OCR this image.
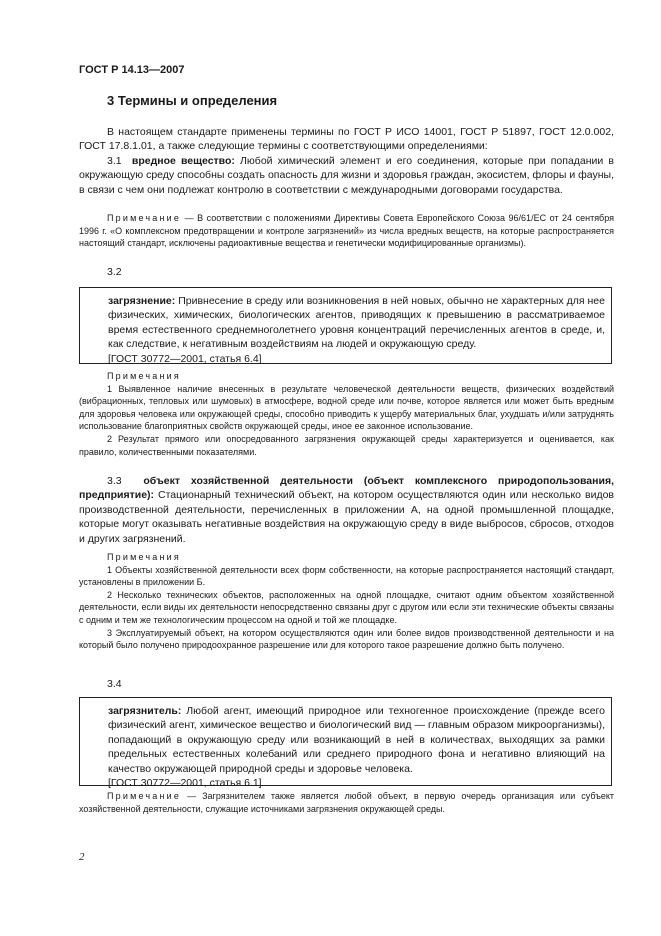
ГОСТ Р 14.13—2007
3 Термины и определения

В настоящем стандарте применены термины по ГОСТ Р ИСО 14001, ГОСТ Р 51897, ГОСТ 12.0.002, ГОСТ 17.8.1.01, а также следующие термины с соответствующими определениями:

3.1 вредное вещество: Любой химический элемент и его соединения, которые при попадании в окружающую среду способны создать опасность для жизни и здоровья граждан, экосистем, флоры и фауны, в связи с чем они подлежат контролю в соответствии с международными договорами государства.

Примечание — В соответствии с положениями Директивы Совета Европейского Союза 96/61/ЕС от 24 сентября 1996 г. «О комплексном предотвращении и контроле загрязнений» из числа вредных веществ, на которые распространяется настоящий стандарт, исключены радиоактивные вещества и генетически модифицированные организмы).

3.2

загрязнение: Привнесение в среду или возникновения в ней новых, обычно не характерных для нее физических, химических, биологических агентов, приводящих к превышению в рассматриваемое время естественного среднемноголетнего уровня концентраций перечисленных агентов в среде, и, как следствие, к негативным воздействиям на людей и окружающую среду.

[ГОСТ 30772—2001, статья 6.4]

Примечания

1 Выявленное наличие внесенных в результате человеческой деятельности веществ, физических воздействий (вибрационных, тепловых или шумовых) в атмосфере, водной среде или почве, которое является или может быть вредным для здоровья человека или окружающей среды, способно приводить к ущербу материальных благ, ухудшать и/или затруднять использование благоприятных свойств окружающей среды, иное ее законное использование.

2 Результат прямого или опосредованного загрязнения окружающей среды характеризуется и оценивается, как правило, количественными показателями.

3.3 объект хозяйственной деятельности (объект комплексного природопользования, предприятие): Стационарный технический объект, на котором осуществляются один или несколько видов производственной деятельности, перечисленных в приложении А, на одной промышленной площадке, которые могут оказывать негативные воздействия на окружающую среду в виде выбросов, сбросов, отходов и других загрязнений.

Примечания

1 Объекты хозяйственной деятельности всех форм собственности, на которые распространяется настоящий стандарт, установлены в приложении Б.

2 Несколько технических объектов, расположенных на одной площадке, считают одним объектом хозяйственной деятельности, если виды их деятельности непосредственно связаны друг с другом или если эти технические объекты связаны с одним и тем же технологическим процессом на одной и той же площадке.

3 Эксплуатируемый объект, на котором осуществляются один или более видов производственной деятельности и на который было получено природоохранное разрешение или для которого такое разрешение должно быть получено.

3.4

загрязнитель: Любой агент, имеющий природное или техногенное происхождение (прежде всего физический агент, химическое вещество и биологический вид — главным образом микроорганизмы), попадающий в окружающую среду или возникающий в ней в количествах, выходящих за рамки предельных естественных колебаний или среднего природного фона и негативно влияющий на качество окружающей природной среды и здоровье человека.

[ГОСТ 30772—2001, статья 6.1]

Примечание — Загрязнителем также является любой объект, в первую очередь организация или субъект хозяйственной деятельности, служащие источниками загрязнения окружающей среды.

2
